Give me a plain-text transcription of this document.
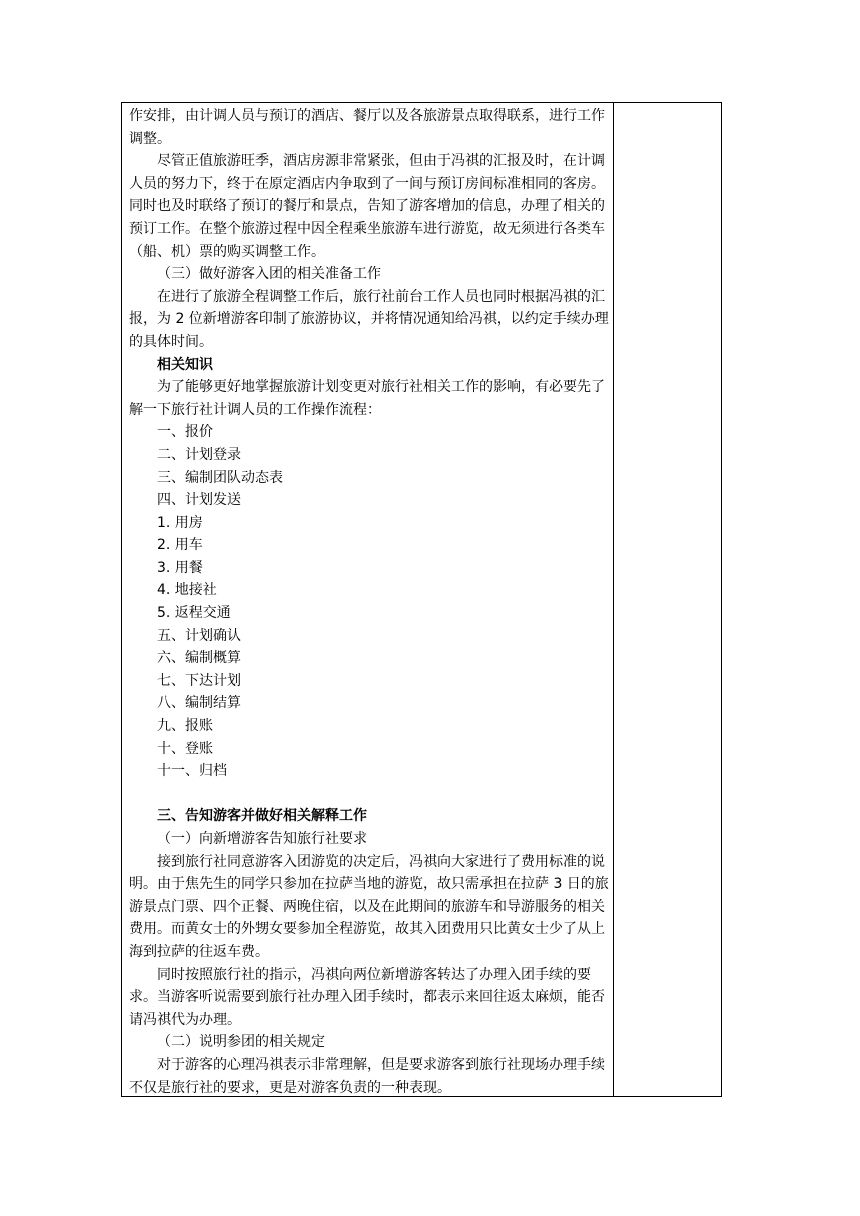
作安排，由计调人员与预订的酒店、餐厅以及各旅游景点取得联系，进行工作调整。

尽管正值旅游旺季，酒店房源非常紧张，但由于冯祺的汇报及时，在计调人员的努力下，终于在原定酒店内争取到了一间与预订房间标准相同的客房。同时也及时联络了预订的餐厅和景点，告知了游客增加的信息，办理了相关的预订工作。在整个旅游过程中因全程乘坐旅游车进行游览，故无须进行各类车（船、机）票的购买调整工作。

（三）做好游客入团的相关准备工作

在进行了旅游全程调整工作后，旅行社前台工作人员也同时根据冯祺的汇报，为 2 位新增游客印制了旅游协议，并将情况通知给冯祺，以约定手续办理的具体时间。

相关知识

为了能够更好地掌握旅游计划变更对旅行社相关工作的影响，有必要先了解一下旅行社计调人员的工作操作流程：

一、报价

二、计划登录

三、编制团队动态表

四、计划发送

1. 用房

2. 用车

3. 用餐

4. 地接社

5. 返程交通

五、计划确认

六、编制概算

七、下达计划

八、编制结算

九、报账

十、登账

十一、归档

三、告知游客并做好相关解释工作

（一）向新增游客告知旅行社要求

接到旅行社同意游客入团游览的决定后，冯祺向大家进行了费用标准的说明。由于焦先生的同学只参加在拉萨当地的游览，故只需承担在拉萨 3 日的旅游景点门票、四个正餐、两晚住宿，以及在此期间的旅游车和导游服务的相关费用。而黄女士的外甥女要参加全程游览，故其入团费用只比黄女士少了从上海到拉萨的往返车费。

同时按照旅行社的指示，冯祺向两位新增游客转达了办理入团手续的要求。当游客听说需要到旅行社办理入团手续时，都表示来回往返太麻烦，能否请冯祺代为办理。

（二）说明参团的相关规定

对于游客的心理冯祺表示非常理解，但是要求游客到旅行社现场办理手续不仅是旅行社的要求，更是对游客负责的一种表现。
